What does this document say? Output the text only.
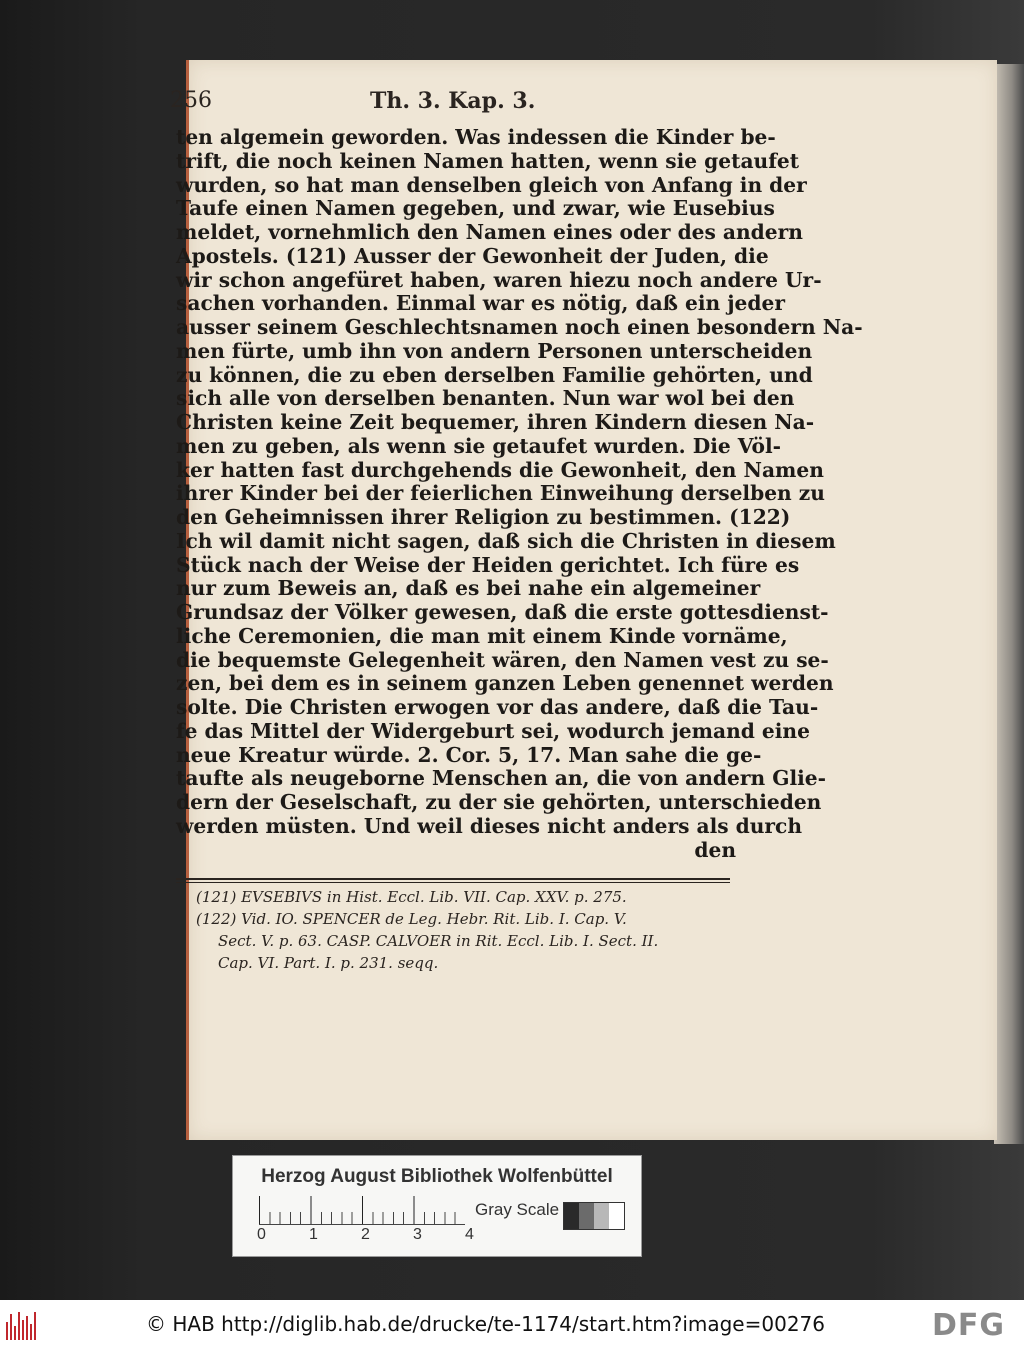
256	Th. 3. Kap. 3.
ten algemein geworden. Was indessen die Kinder be-
trift, die noch keinen Namen hatten, wenn sie getaufet
wurden, so hat man denselben gleich von Anfang in der
Taufe einen Namen gegeben, und zwar, wie Eusebius
meldet, vornehmlich den Namen eines oder des andern
Apostels. (121) Ausser der Gewonheit der Juden, die
wir schon angefüret haben, waren hiezu noch andere Ur-
sachen vorhanden. Einmal war es nötig, daß ein jeder
ausser seinem Geschlechtsnamen noch einen besondern Na-
men fürte, umb ihn von andern Personen unterscheiden
zu können, die zu eben derselben Familie gehörten, und
sich alle von derselben benanten. Nun war wol bei den
Christen keine Zeit bequemer, ihren Kindern diesen Na-
men zu geben, als wenn sie getaufet wurden. Die Völ-
ker hatten fast durchgehends die Gewonheit, den Namen
ihrer Kinder bei der feierlichen Einweihung derselben zu
den Geheimnissen ihrer Religion zu bestimmen. (122)
Ich wil damit nicht sagen, daß sich die Christen in diesem
Stück nach der Weise der Heiden gerichtet. Ich füre es
nur zum Beweis an, daß es bei nahe ein algemeiner
Grundsaz der Völker gewesen, daß die erste gottesdienst-
liche Ceremonien, die man mit einem Kinde vornäme,
die bequemste Gelegenheit wären, den Namen vest zu se-
zen, bei dem es in seinem ganzen Leben genennet werden
solte. Die Christen erwogen vor das andere, daß die Tau-
fe das Mittel der Widergeburt sei, wodurch jemand eine
neue Kreatur würde. 2. Cor. 5, 17. Man sahe die ge-
taufte als neugeborne Menschen an, die von andern Glie-
dern der Geselschaft, zu der sie gehörten, unterschieden
werden müsten. Und weil dieses nicht anders als durch
den
(121) EVSEBIVS in Hist. Eccl. Lib. VII. Cap. XXV. p. 275.
(122) Vid. IO. SPENCER de Leg. Hebr. Rit. Lib. I. Cap. V.
Sect. V. p. 63. CASP. CALVOER in Rit. Eccl. Lib. I. Sect. II.
Cap. VI. Part. I. p. 231. seqq.
Herzog August Bibliothek Wolfenbüttel
0	1	2	3	4
Gray Scale
© HAB http://diglib.hab.de/drucke/te-1174/start.htm?image=00276	DFG
